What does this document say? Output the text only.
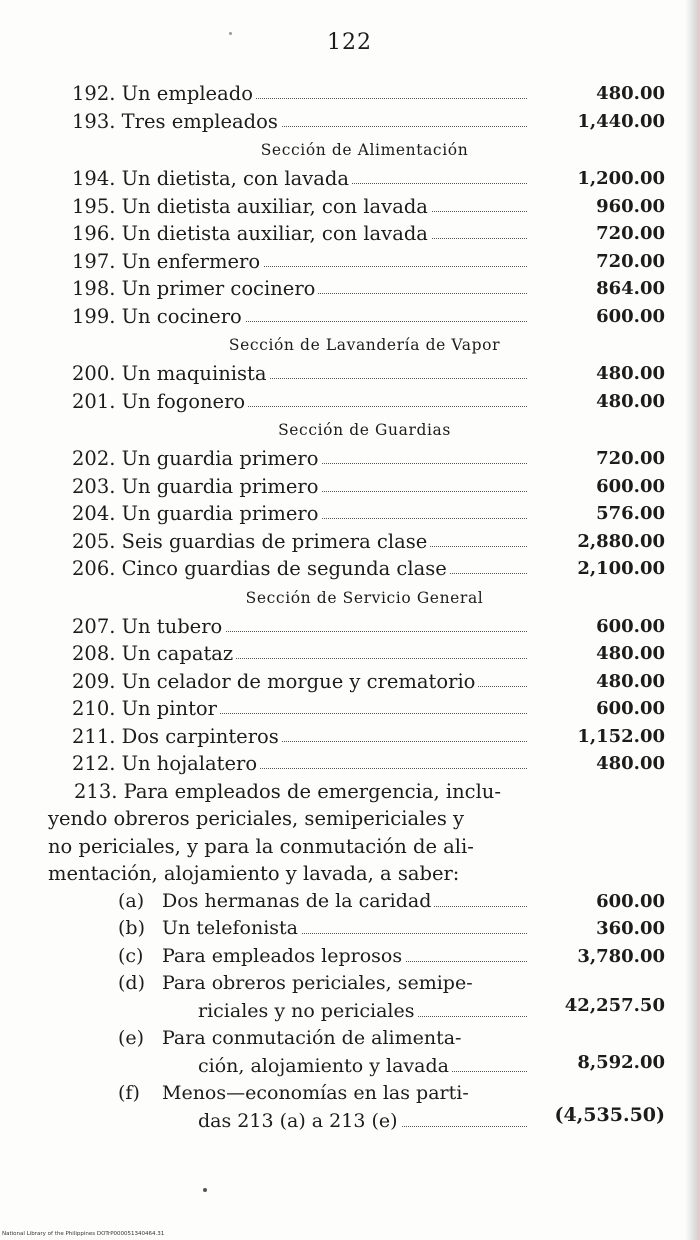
122
192. Un empleado	480.00
193. Tres empleados	1,440.00
Sección de Alimentación
194. Un dietista, con lavada	1,200.00
195. Un dietista auxiliar, con lavada	960.00
196. Un dietista auxiliar, con lavada	720.00
197. Un enfermero	720.00
198. Un primer cocinero	864.00
199. Un cocinero	600.00
Sección de Lavandería de Vapor
200. Un maquinista	480.00
201. Un fogonero	480.00
Sección de Guardias
202. Un guardia primero	720.00
203. Un guardia primero	600.00
204. Un guardia primero	576.00
205. Seis guardias de primera clase	2,880.00
206. Cinco guardias de segunda clase	2,100.00
Sección de Servicio General
207. Un tubero	600.00
208. Un capataz	480.00
209. Un celador de morgue y crematorio	480.00
210. Un pintor	600.00
211. Dos carpinteros	1,152.00
212. Un hojalatero	480.00
213. Para empleados de emergencia, inclu-
yendo obreros periciales, semipericiales y
no periciales, y para la conmutación de ali-
mentación, alojamiento y lavada, a saber:
(a) Dos hermanas de la caridad	600.00
(b) Un telefonista	360.00
(c) Para empleados leprosos	3,780.00
(d) Para obreros periciales, semipe-
riciales y no periciales	42,257.50
(e) Para conmutación de alimenta-
ción, alojamiento y lavada	8,592.00
(f) Menos—economías en las parti-
das 213 (a) a 213 (e)	(4,535.50)
National Library of the Philippines DOTrP000051340464.31
